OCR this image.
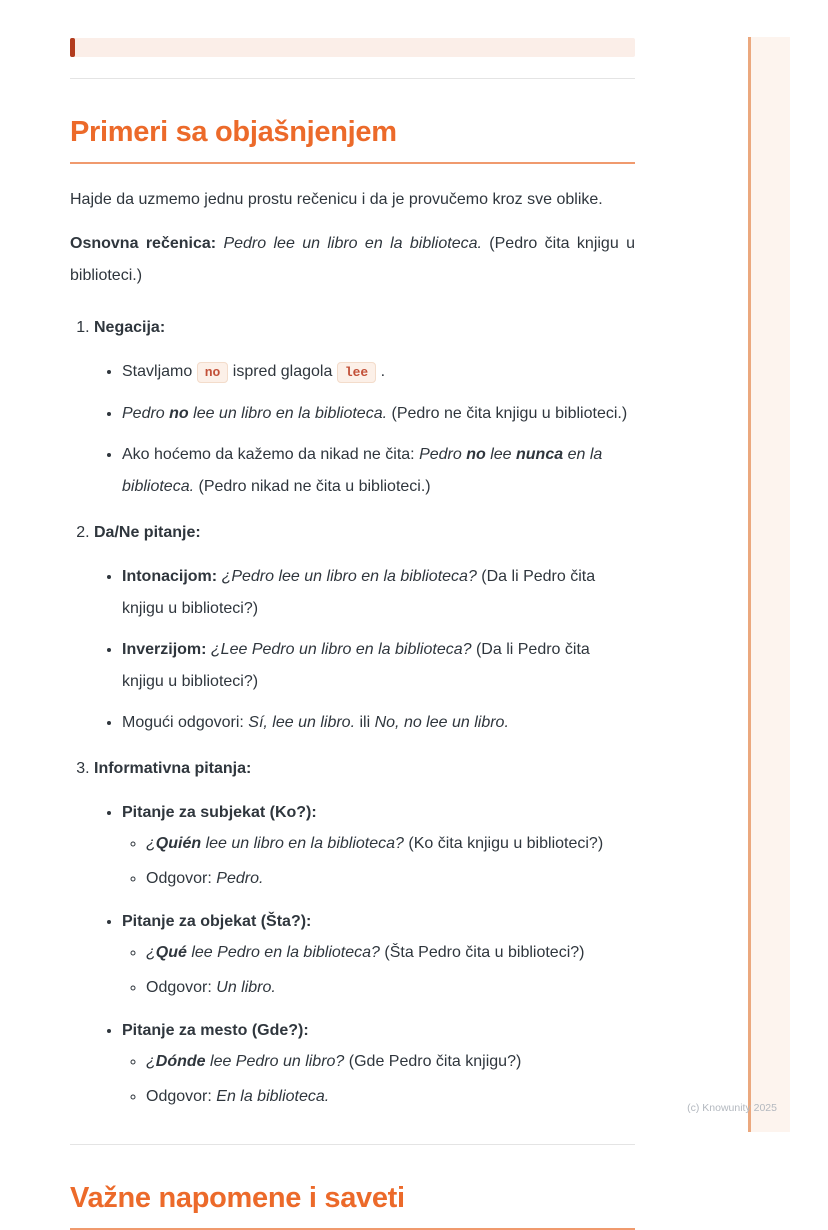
(c) Knowunity 2025
Primeri sa objašnjenjem

Hajde da uzmemo jednu prostu rečenicu i da je provučemo kroz sve oblike.

Osnovna rečenica: Pedro lee un libro en la biblioteca. (Pedro čita knjigu u biblioteci.)

1. Negacija:
• Stavljamo no ispred glagola lee .
• Pedro no lee un libro en la biblioteca. (Pedro ne čita knjigu u biblioteci.)
• Ako hoćemo da kažemo da nikad ne čita: Pedro no lee nunca en la biblioteca. (Pedro nikad ne čita u biblioteci.)
2. Da/Ne pitanje:
• Intonacijom: ¿Pedro lee un libro en la biblioteca? (Da li Pedro čita knjigu u biblioteci?)
• Inverzijom: ¿Lee Pedro un libro en la biblioteca? (Da li Pedro čita knjigu u biblioteci?)
• Mogući odgovori: Sí, lee un libro. ili No, no lee un libro.
3. Informativna pitanja:
• Pitanje za subjekat (Ko?):
◦ ¿Quién lee un libro en la biblioteca? (Ko čita knjigu u biblioteci?)
◦ Odgovor: Pedro.
• Pitanje za objekat (Šta?):
◦ ¿Qué lee Pedro en la biblioteca? (Šta Pedro čita u biblioteci?)
◦ Odgovor: Un libro.
• Pitanje za mesto (Gde?):
◦ ¿Dónde lee Pedro un libro? (Gde Pedro čita knjigu?)
◦ Odgovor: En la biblioteca.
Važne napomene i saveti
